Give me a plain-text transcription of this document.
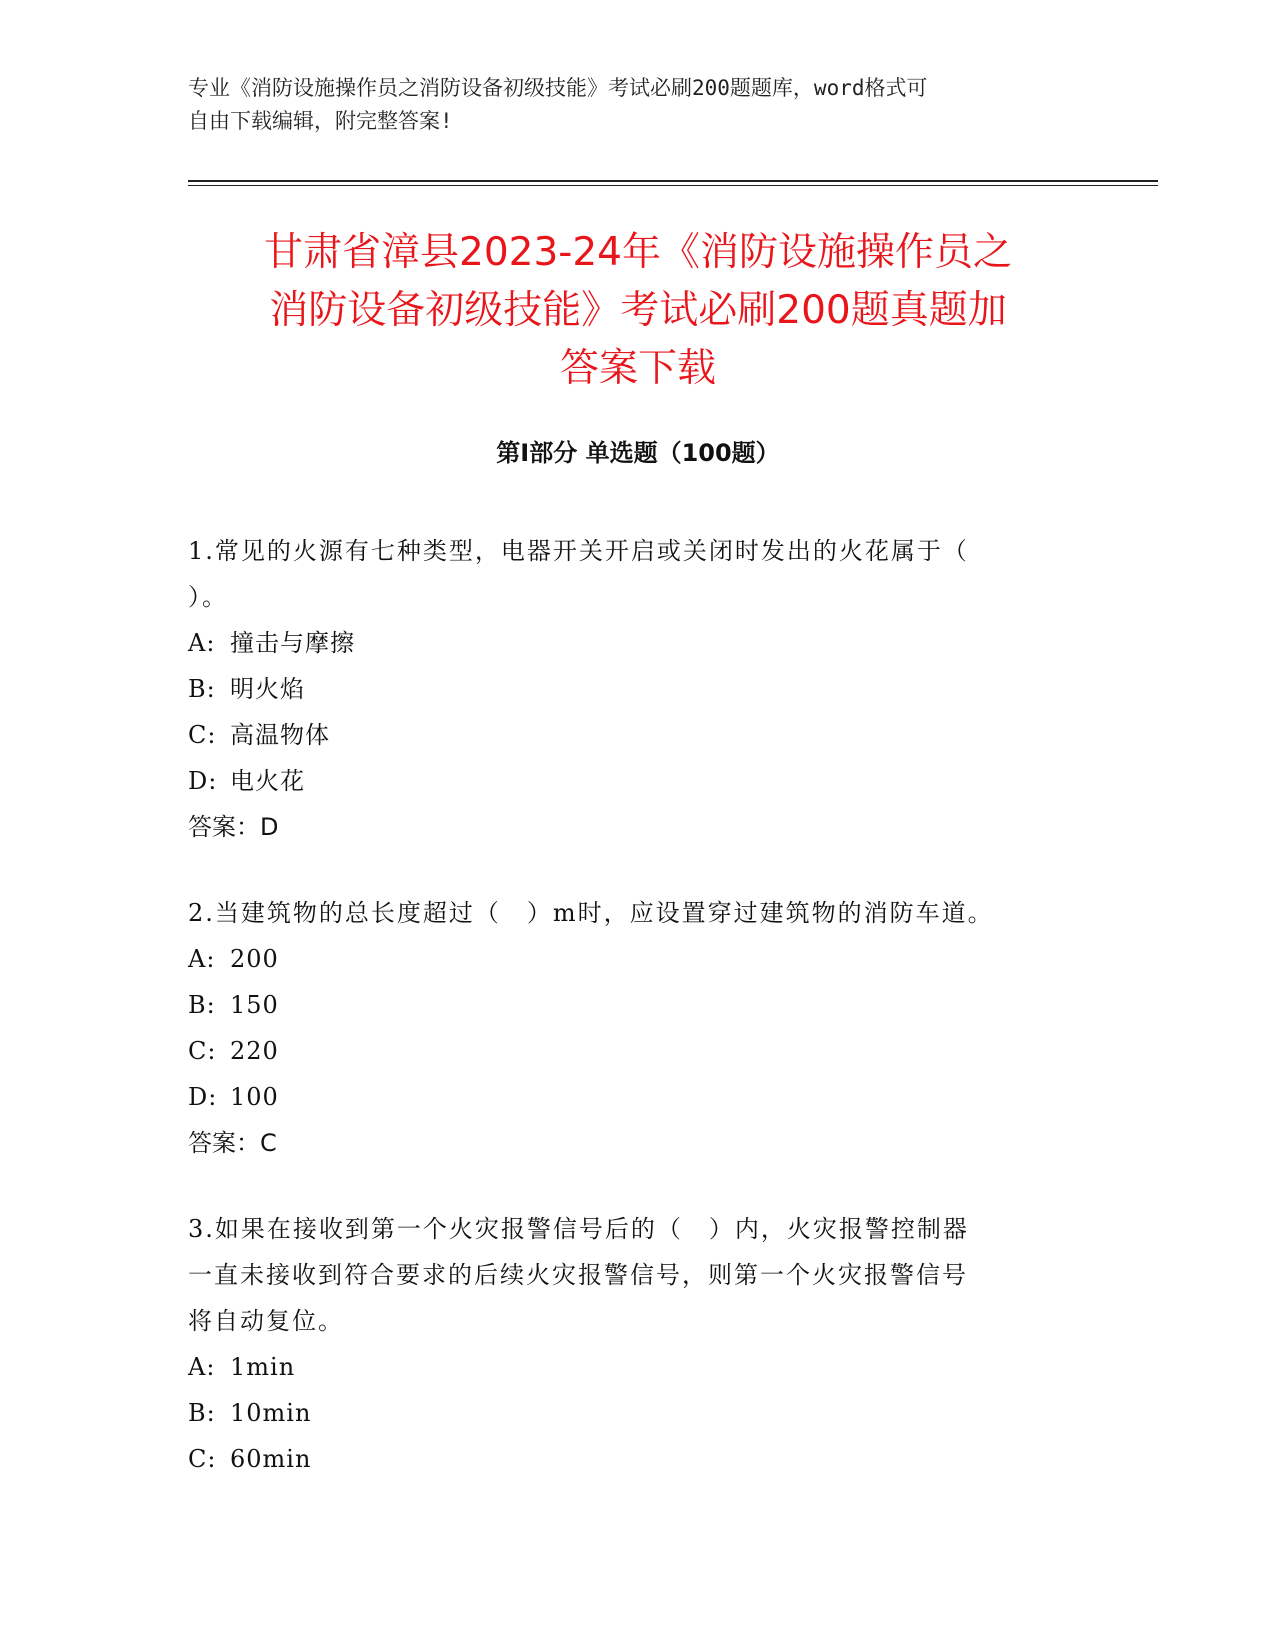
专业《消防设施操作员之消防设备初级技能》考试必刷200题题库，word格式可
自由下载编辑，附完整答案!
甘肃省漳县2023-24年《消防设施操作员之
消防设备初级技能》考试必刷200题真题加
答案下载
第Ⅰ部分 单选题（100题）
1.常见的火源有七种类型，电器开关开启或关闭时发出的火花属于（
）。
A: 撞击与摩擦
B: 明火焰
C: 高温物体
D: 电火花
答案：D
2.当建筑物的总长度超过（　）m时，应设置穿过建筑物的消防车道。
A: 200
B: 150
C: 220
D: 100
答案：C
3.如果在接收到第一个火灾报警信号后的（　）内，火灾报警控制器
一直未接收到符合要求的后续火灾报警信号，则第一个火灾报警信号
将自动复位。
A: 1min
B: 10min
C: 60min
